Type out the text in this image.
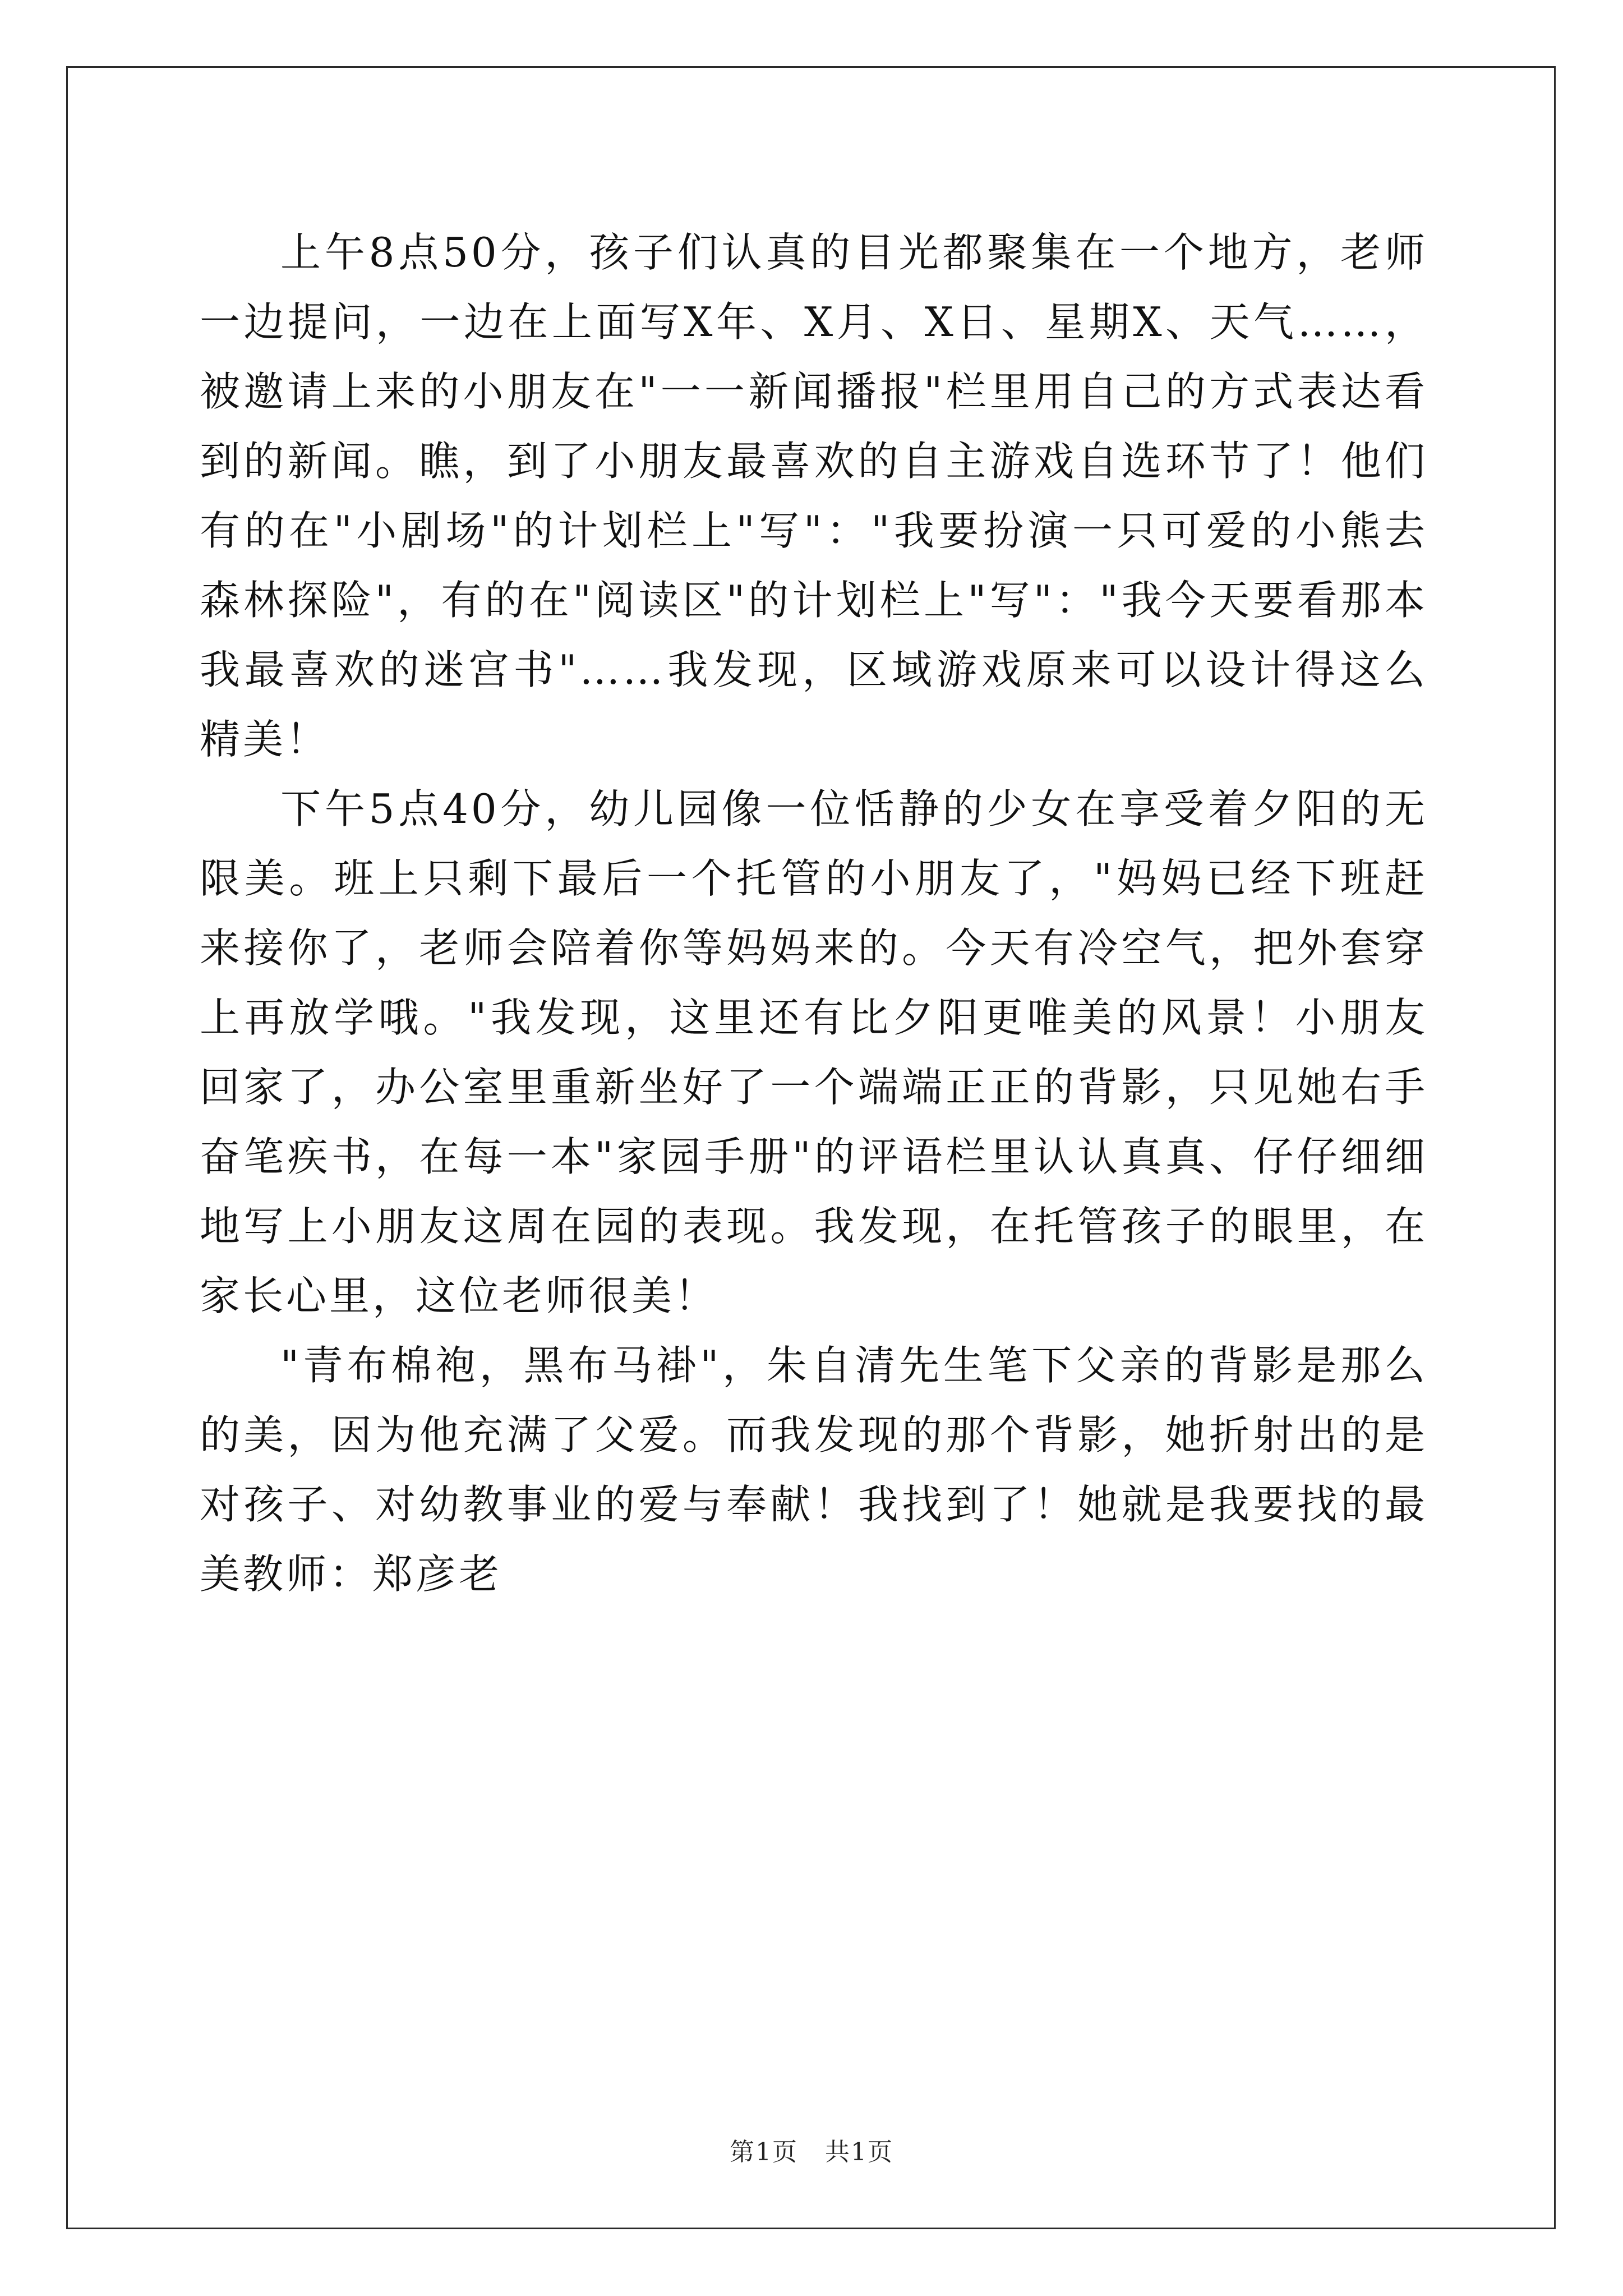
上午8点50分，孩子们认真的目光都聚集在一个地方，老师一边提问，一边在上面写X年、X月、X日、星期X、天气……，被邀请上来的小朋友在"一一新闻播报"栏里用自己的方式表达看到的新闻。瞧，到了小朋友最喜欢的自主游戏自选环节了！他们有的在"小剧场"的计划栏上"写"："我要扮演一只可爱的小熊去森林探险"，有的在"阅读区"的计划栏上"写"："我今天要看那本我最喜欢的迷宫书"……我发现，区域游戏原来可以设计得这么精美！

下午5点40分，幼儿园像一位恬静的少女在享受着夕阳的无限美。班上只剩下最后一个托管的小朋友了，"妈妈已经下班赶来接你了，老师会陪着你等妈妈来的。今天有冷空气，把外套穿上再放学哦。"我发现，这里还有比夕阳更唯美的风景！小朋友回家了，办公室里重新坐好了一个端端正正的背影，只见她右手奋笔疾书，在每一本"家园手册"的评语栏里认认真真、仔仔细细地写上小朋友这周在园的表现。我发现，在托管孩子的眼里，在家长心里，这位老师很美！

"青布棉袍，黑布马褂"，朱自清先生笔下父亲的背影是那么的美，因为他充满了父爱。而我发现的那个背影，她折射出的是对孩子、对幼教事业的爱与奉献！我找到了！她就是我要找的最美教师：郑彦老

第1页 共1页
